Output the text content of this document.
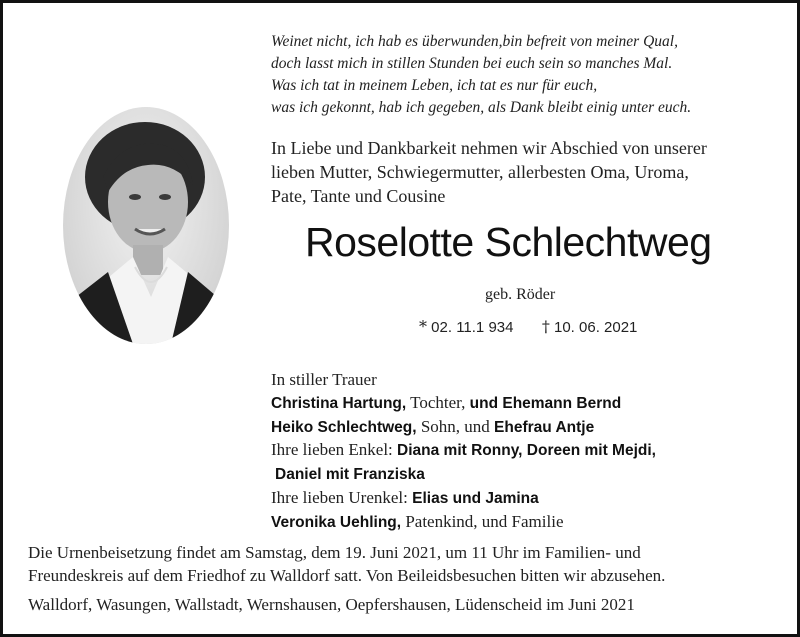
Weinet nicht, ich hab es überwunden,bin befreit von meiner Qual,
doch lasst mich in stillen Stunden bei euch sein so manches Mal.
Was ich tat in meinem Leben, ich tat es nur für euch,
was ich gekonnt, hab ich gegeben, als Dank bleibt einig unter euch.
In Liebe und Dankbarkeit nehmen wir Abschied von unserer
lieben Mutter, Schwiegermutter, allerbesten Oma, Uroma,
Pate, Tante und Cousine
Roselotte Schlechtweg
geb. Röder
* 02. 11.1 934 † 10. 06. 2021
In stiller Trauer
Christina Hartung, Tochter, und Ehemann Bernd
Heiko Schlechtweg, Sohn, und Ehefrau Antje
Ihre lieben Enkel: Diana mit Ronny, Doreen mit Mejdi,
Daniel mit Franziska
Ihre lieben Urenkel: Elias und Jamina
Veronika Uehling, Patenkind, und Familie
Die Urnenbeisetzung findet am Samstag, dem 19. Juni 2021, um 11 Uhr im Familien- und
Freundeskreis auf dem Friedhof zu Walldorf satt. Von Beileidsbesuchen bitten wir abzusehen.
Walldorf, Wasungen, Wallstadt, Wernshausen, Oepfershausen, Lüdenscheid im Juni 2021
